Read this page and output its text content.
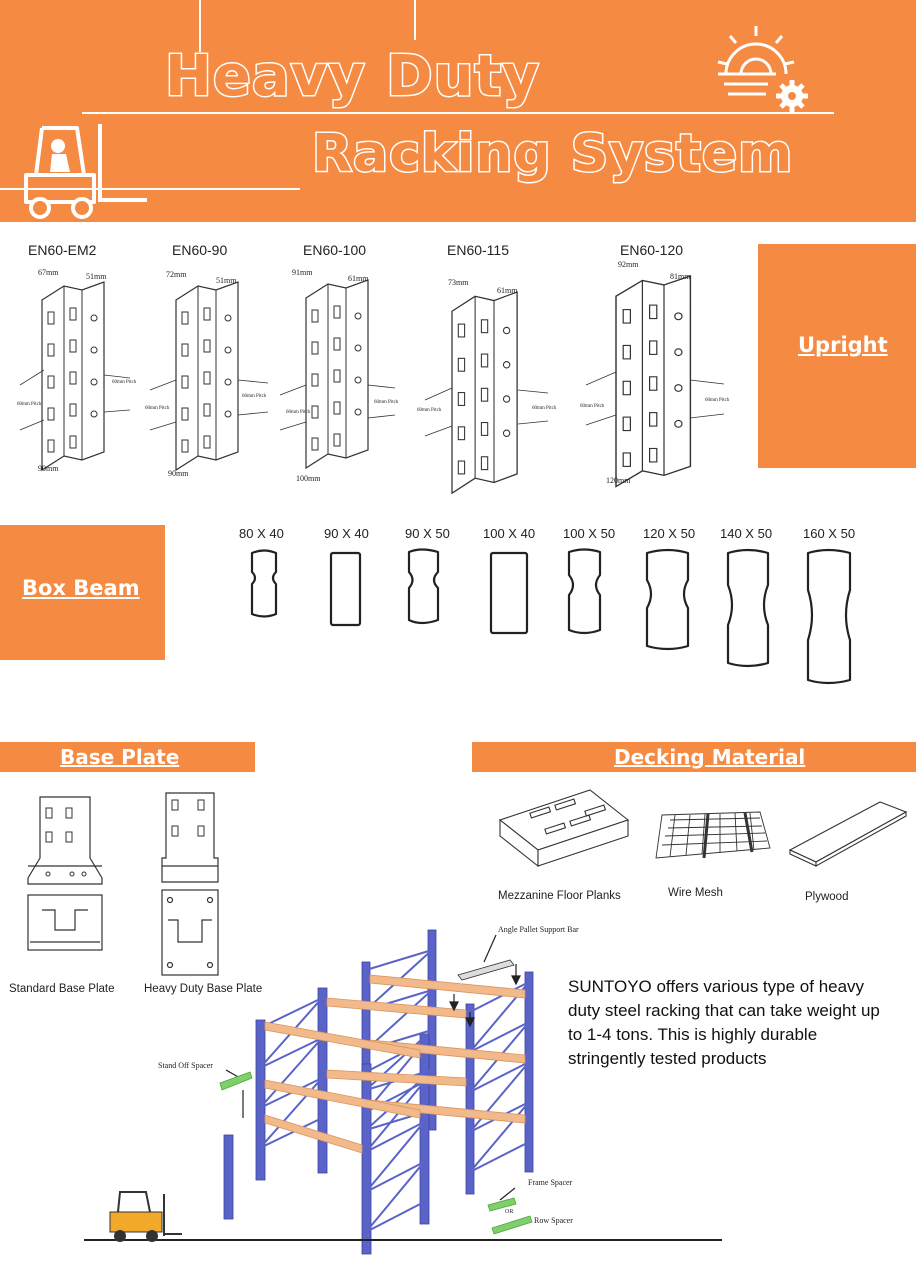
Heavy Duty
Racking System
Upright
EN60-EM2	EN60-90	EN60-100	EN60-115	EN60-120
67mm	51mm
90mm
72mm
51mm
90mm
91mm
61mm
100mm
73mm
61mm
92mm
81mm
120mm
60mm Pitch
60mm Pitch
60mm Pitch
60mm Pitch
60mm Pitch
60mm Pitch
60mm Pitch	60mm Pitch	60mm Pitch
60mm Pitch
Box Beam
80 X 40	90 X 40	90 X 50	100 X 40 100 X 50 120 X 50 140 X 50 160 X 50
Base Plate	Decking Material
Standard Base Plate	Heavy Duty Base Plate
Mezzanine Floor Planks	Wire Mesh	Plywood
Angle Pallet Support Bar
Stand Off Spacer
Frame Spacer
OR
Row Spacer
SUNTOYO offers various type of heavy duty steel racking that can take weight up to 1-4 tons. This is highly durable stringently tested products
